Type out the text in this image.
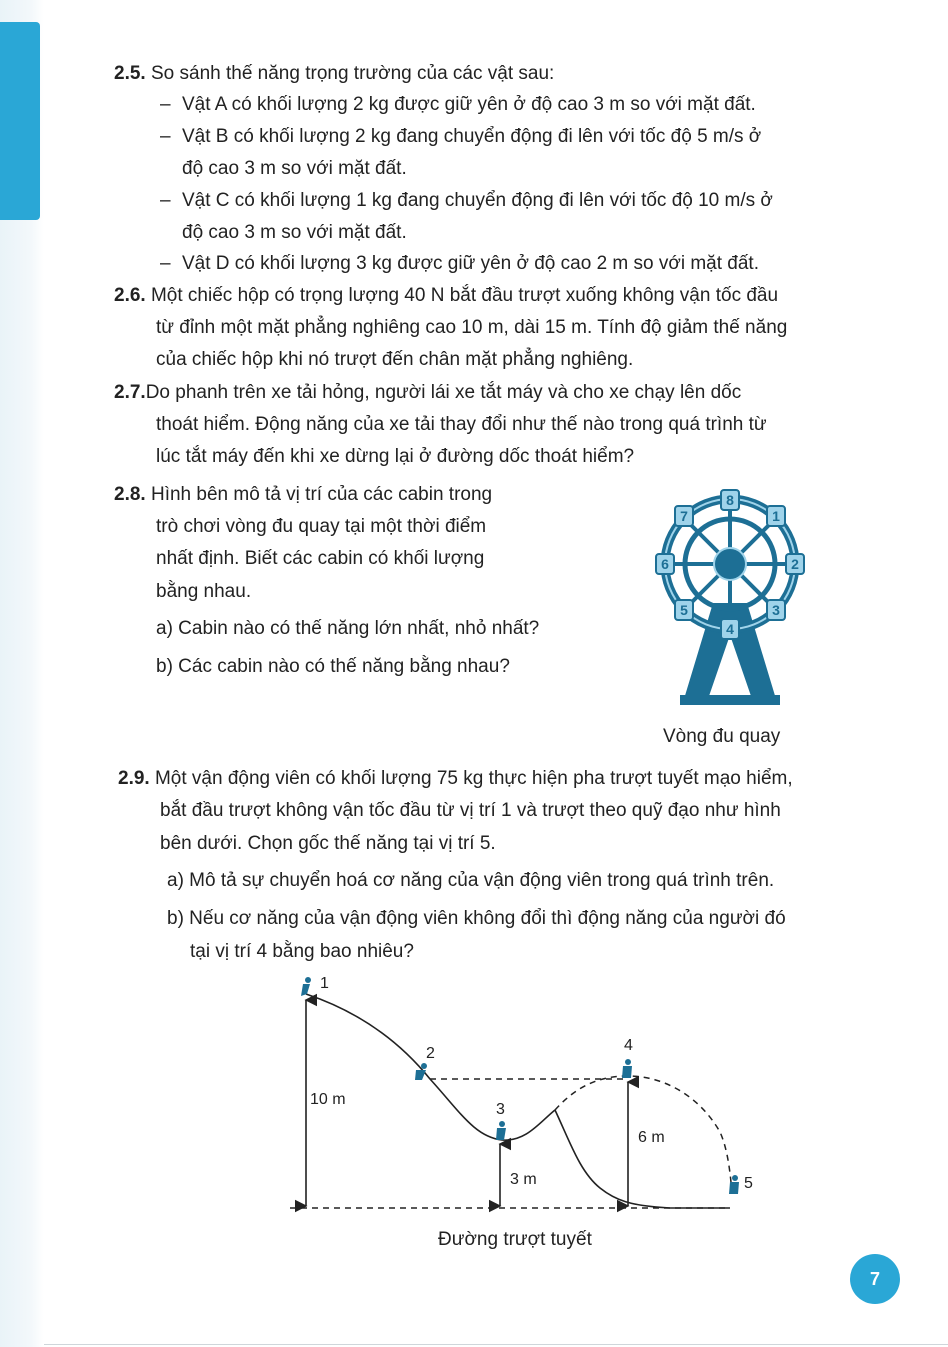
2.5. So sánh thế năng trọng trường của các vật sau:
– Vật A có khối lượng 2 kg được giữ yên ở độ cao 3 m so với mặt đất.
– Vật B có khối lượng 2 kg đang chuyển động đi lên với tốc độ 5 m/s ở
độ cao 3 m so với mặt đất.
– Vật C có khối lượng 1 kg đang chuyển động đi lên với tốc độ 10 m/s ở
độ cao 3 m so với mặt đất.
– Vật D có khối lượng 3 kg được giữ yên ở độ cao 2 m so với mặt đất.
2.6. Một chiếc hộp có trọng lượng 40 N bắt đầu trượt xuống không vận tốc đầu
từ đỉnh một mặt phẳng nghiêng cao 10 m, dài 15 m. Tính độ giảm thế năng
của chiếc hộp khi nó trượt đến chân mặt phẳng nghiêng.
2.7.Do phanh trên xe tải hỏng, người lái xe tắt máy và cho xe chạy lên dốc
thoát hiểm. Động năng của xe tải thay đổi như thế nào trong quá trình từ
lúc tắt máy đến khi xe dừng lại ở đường dốc thoát hiểm?
2.8. Hình bên mô tả vị trí của các cabin trong
trò chơi vòng đu quay tại một thời điểm
nhất định. Biết các cabin có khối lượng
bằng nhau.
a) Cabin nào có thế năng lớn nhất, nhỏ nhất?
b) Các cabin nào có thế năng bằng nhau?
8
1
2
3
4
5
6
7
Vòng đu quay
2.9. Một vận động viên có khối lượng 75 kg thực hiện pha trượt tuyết mạo hiểm,
bắt đầu trượt không vận tốc đầu từ vị trí 1 và trượt theo quỹ đạo như hình
bên dưới. Chọn gốc thế năng tại vị trí 5.
a) Mô tả sự chuyển hoá cơ năng của vận động viên trong quá trình trên.
b) Nếu cơ năng của vận động viên không đổi thì động năng của người đó
tại vị trí 4 bằng bao nhiêu?
1
2
3
4
5
10 m
3 m
6 m
Đường trượt tuyết
7
